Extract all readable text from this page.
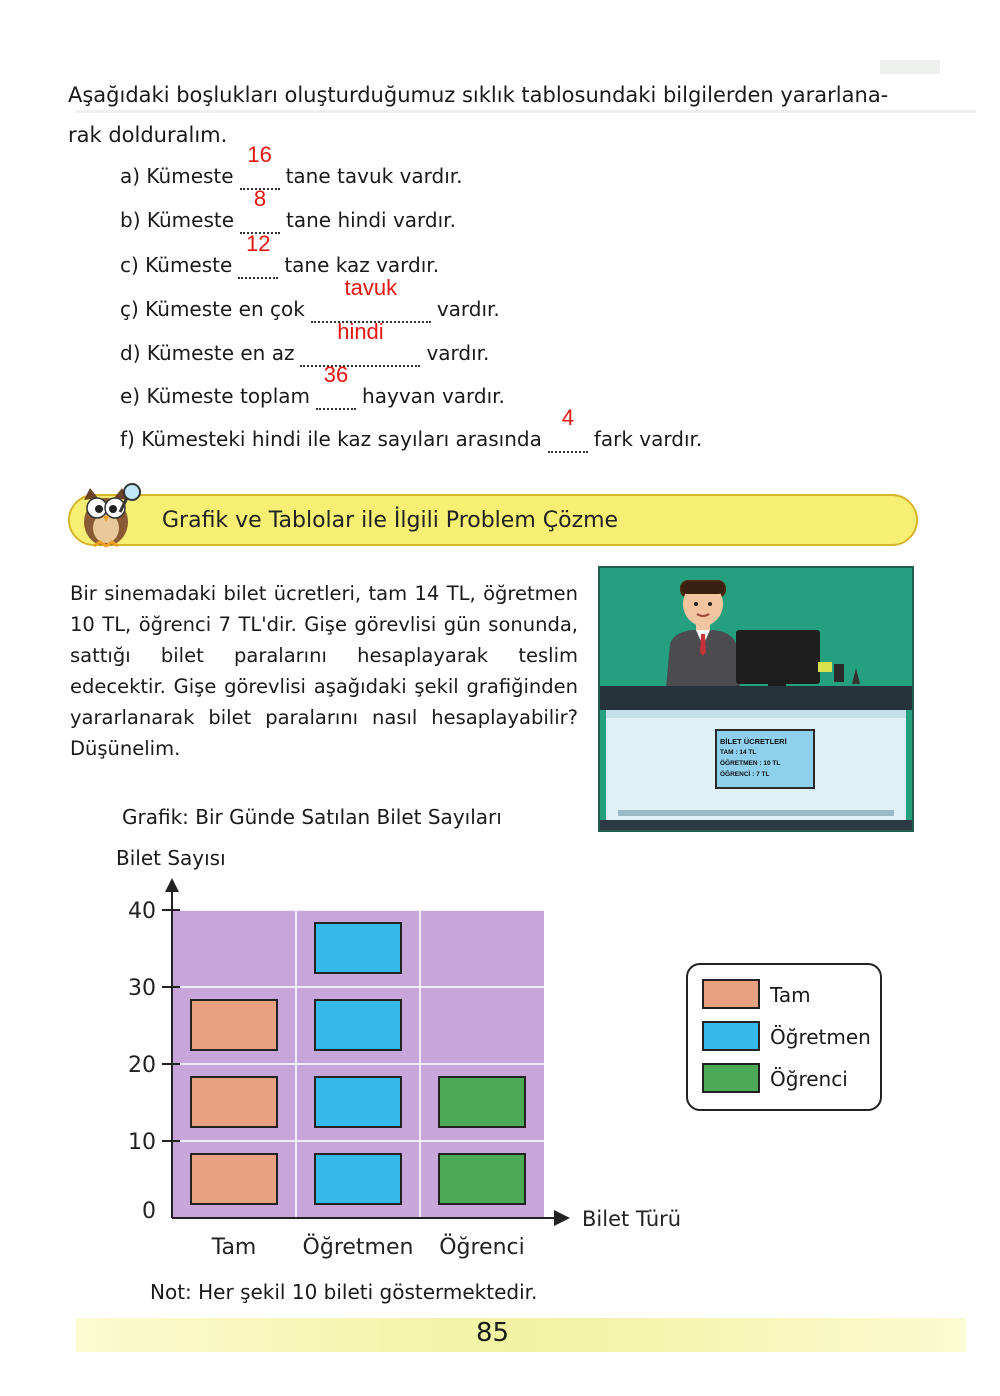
Aşağıdaki boşlukları oluşturduğumuz sıklık tablosundaki bilgilerden yararlana-
rak dolduralım.
a) Kümeste
16
tane tavuk vardır.
b) Kümeste
8
tane hindi vardır.
c) Kümeste
12
tane kaz vardır.
ç) Kümeste en çok
tavuk
vardır.
d) Kümeste en az
hindi
vardır.
e) Kümeste toplam
36
hayvan vardır.
f) Kümesteki hindi ile kaz sayıları arasında
4
fark vardır.
Grafik ve Tablolar ile İlgili Problem Çözme
Bir sinemadaki bilet ücretleri, tam 14 TL, öğretmen 10 TL, öğrenci 7 TL'dir. Gişe görevlisi gün sonunda, sattığı bilet paralarını hesaplayarak teslim edecektir. Gişe görevlisi aşağıdaki şekil grafiğinden yararlanarak bilet paralarını nasıl hesaplayabilir? Düşünelim.	BİLET ÜCRETLERİ
TAM : 14 TL
ÖĞRETMEN : 10 TL
ÖĞRENCİ : 7 TL
Grafik: Bir Günde Satılan Bilet Sayıları
Bilet Sayısı
0
10
20
30
40
Tam Öğretmen Öğrenci
Bilet Türü
Tam
Öğretmen
Öğrenci
Not: Her şekil 10 bileti göstermektedir.
85
